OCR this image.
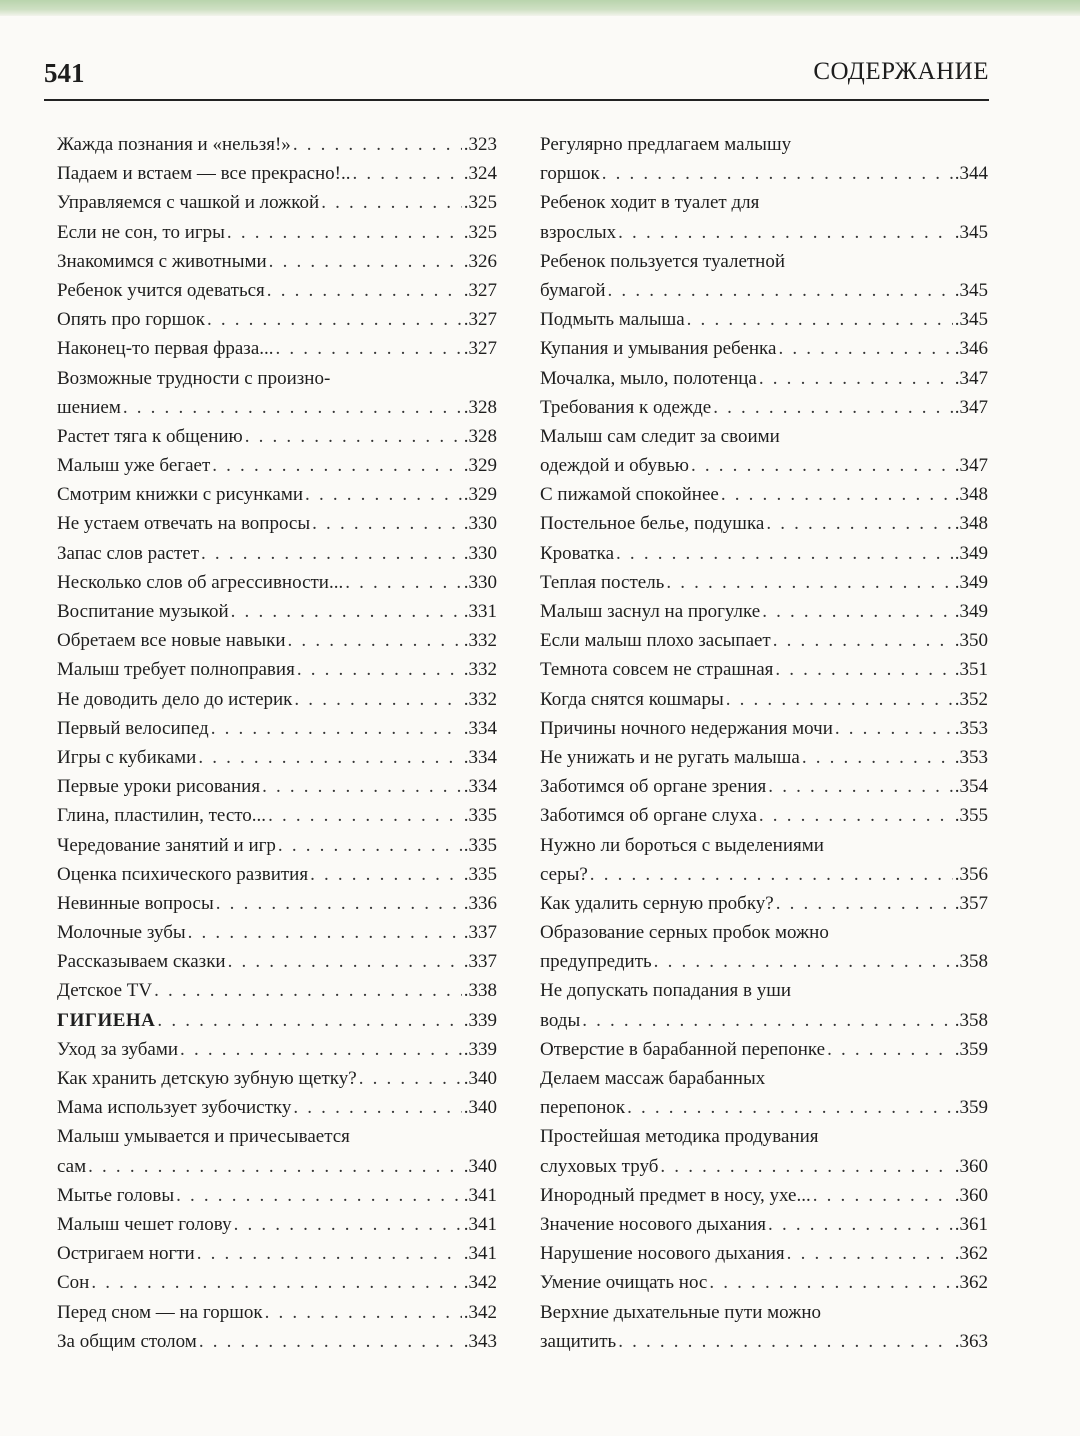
541	СОДЕРЖАНИЕ
Жажда познания и «нельзя!» . . .	.323
Падаем и встаем — все прекрасно!.. . . .	.324
Управляемся с чашкой и ложкой . . .	.325
Если не сон, то игры . . .	.325
Знакомимся с животными . . .	.326
Ребенок учится одеваться . . .	.327
Опять про горшок . . .	.327
Наконец-то первая фраза... . . .	.327
Возможные трудности с произно-
шением . . .	.328
Растет тяга к общению . . .	.328
Малыш уже бегает . . .	.329
Смотрим книжки с рисунками . . .	.329
Не устаем отвечать на вопросы . . .	.330
Запас слов растет . . .	.330
Несколько слов об агрессивности... . . .	.330
Воспитание музыкой . . .	.331
Обретаем все новые навыки . . .	.332
Малыш требует полноправия . . .	.332
Не доводить дело до истерик . . .	.332
Первый велосипед . . .	.334
Игры с кубиками . . .	.334
Первые уроки рисования . . .	.334
Глина, пластилин, тесто... . . .	.335
Чередование занятий и игр . . .	.335
Оценка психического развития . . .	.335
Невинные вопросы . . .	.336
Молочные зубы . . .	.337
Рассказываем сказки . . .	.337
Детское TV . . .	.338
ГИГИЕНА . . .	.339
Уход за зубами . . .	.339
Как хранить детскую зубную щетку? . . .	.340
Мама использует зубочистку . . .	.340
Малыш умывается и причесывается
сам . . .	.340
Мытье головы . . .	.341
Малыш чешет голову . . .	.341
Остригаем ногти . . .	.341
Сон . . .	.342
Перед сном — на горшок . . .	.342
За общим столом . . .	.343
Регулярно предлагаем малышу
горшок . . .	.344
Ребенок ходит в туалет для
взрослых . . .	.345
Ребенок пользуется туалетной
бумагой . . .	.345
Подмыть малыша . . .	.345
Купания и умывания ребенка . . .	.346
Мочалка, мыло, полотенца . . .	.347
Требования к одежде . . .	.347
Малыш сам следит за своими
одеждой и обувью . . .	.347
С пижамой спокойнее . . .	.348
Постельное белье, подушка . . .	.348
Кроватка . . .	.349
Теплая постель . . .	.349
Малыш заснул на прогулке . . .	.349
Если малыш плохо засыпает . . .	.350
Темнота совсем не страшная . . .	.351
Когда снятся кошмары . . .	.352
Причины ночного недержания мочи . . .	.353
Не унижать и не ругать малыша . . .	.353
Заботимся об органе зрения . . .	.354
Заботимся об органе слуха . . .	.355
Нужно ли бороться с выделениями
серы? . . .	.356
Как удалить серную пробку? . . .	.357
Образование серных пробок можно
предупредить . . .	.358
Не допускать попадания в уши
воды . . .	.358
Отверстие в барабанной перепонке . . .	.359
Делаем массаж барабанных
перепонок . . .	.359
Простейшая методика продувания
слуховых труб . . .	.360
Инородный предмет в носу, ухе... . . .	.360
Значение носового дыхания . . .	.361
Нарушение носового дыхания . . .	.362
Умение очищать нос . . .	.362
Верхние дыхательные пути можно
защитить . . .	.363
